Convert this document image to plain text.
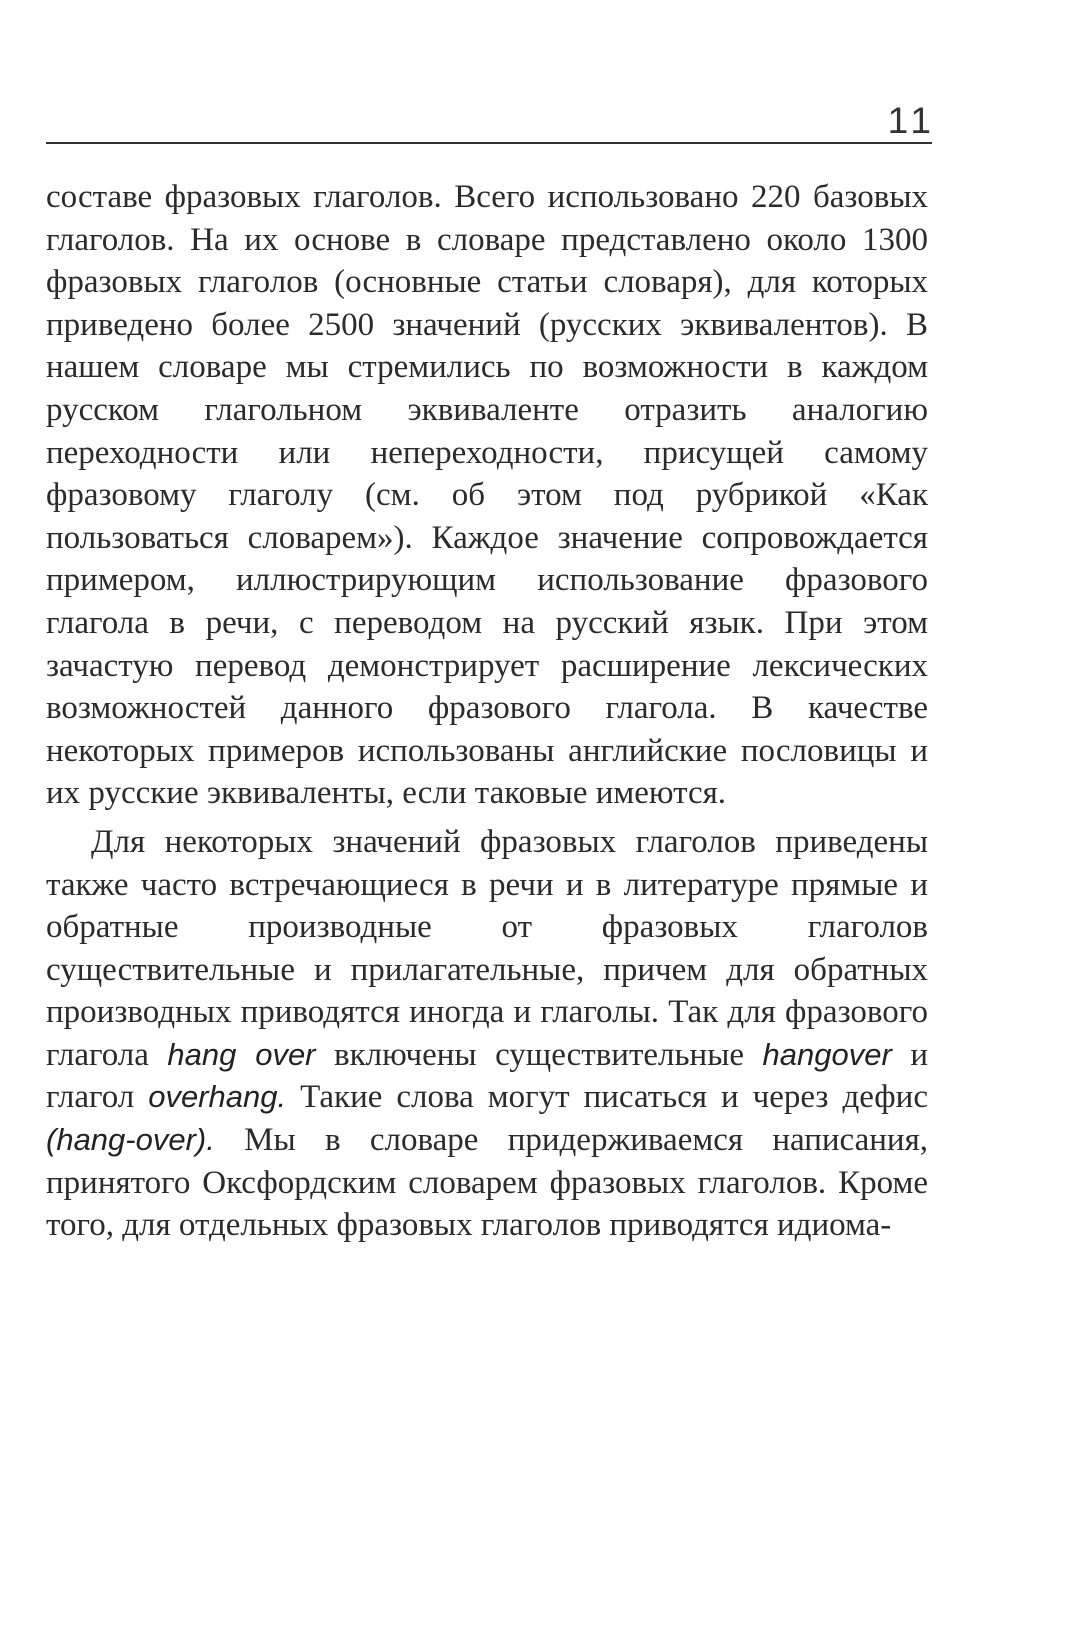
11

составе фразовых глаголов. Всего использовано 220 базовых глаголов. На их основе в словаре представлено около 1300 фразовых глаголов (основные статьи словаря), для которых приведено более 2500 значений (русских эквивалентов). В нашем словаре мы стремились по возможности в каждом русском глагольном эквиваленте отразить аналогию переходности или непереходности, присущей самому фразовому глаголу (см. об этом под рубрикой «Как пользоваться словарем»). Каждое значение сопровождается примером, иллюстрирующим использование фразового глагола в речи, с переводом на русский язык. При этом зачастую перевод демонстрирует расширение лексических возможностей данного фразового глагола. В качестве некоторых примеров использованы английские пословицы и их русские эквиваленты, если таковые имеются.

Для некоторых значений фразовых глаголов приведены также часто встречающиеся в речи и в литературе прямые и обратные производные от фразовых глаголов существительные и прилагательные, причем для обратных производных приводятся иногда и глаголы. Так для фразового глагола hang over включены существительные hangover и глагол overhang. Такие слова могут писаться и через дефис (hang-over). Мы в словаре придерживаемся написания, принятого Оксфордским словарем фразовых глаголов. Кроме того, для отдельных фразовых глаголов приводятся идиома-
